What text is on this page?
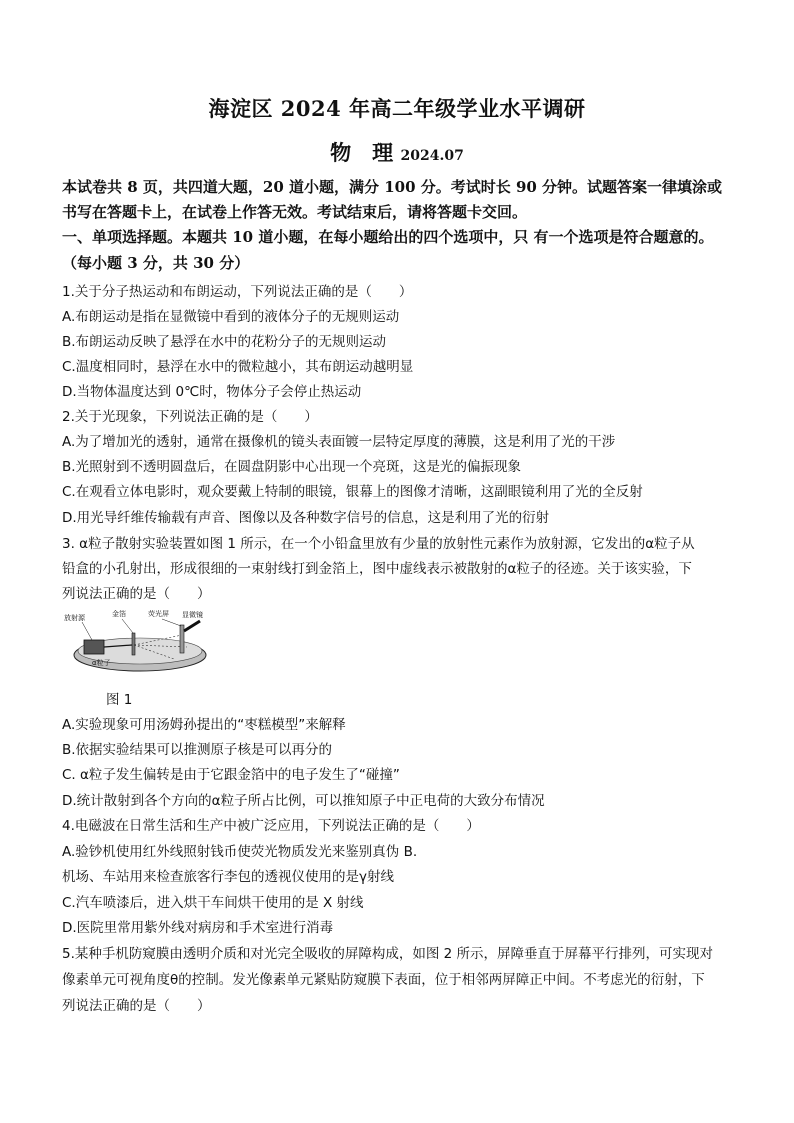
海淀区 2024 年高二年级学业水平调研
物　理 2024.07
本试卷共 8 页，共四道大题，20 道小题，满分 100 分。考试时长 90 分钟。试题答案一律填涂或
书写在答题卡上，在试卷上作答无效。考试结束后，请将答题卡交回。
一、单项选择题。本题共 10 道小题，在每小题给出的四个选项中，只 有一个选项是符合题意的。
（每小题 3 分，共 30 分）
1.关于分子热运动和布朗运动，下列说法正确的是（　　）
A.布朗运动是指在显微镜中看到的液体分子的无规则运动
B.布朗运动反映了悬浮在水中的花粉分子的无规则运动
C.温度相同时，悬浮在水中的微粒越小，其布朗运动越明显
D.当物体温度达到 0℃时，物体分子会停止热运动
2.关于光现象，下列说法正确的是（　　）
A.为了增加光的透射，通常在摄像机的镜头表面镀一层特定厚度的薄膜，这是利用了光的干涉
B.光照射到不透明圆盘后，在圆盘阴影中心出现一个亮斑，这是光的偏振现象
C.在观看立体电影时，观众要戴上特制的眼镜，银幕上的图像才清晰，这副眼镜利用了光的全反射
D.用光导纤维传输载有声音、图像以及各种数字信号的信息，这是利用了光的衍射
3. α粒子散射实验装置如图 1 所示，在一个小铅盒里放有少量的放射性元素作为放射源，它发出的α粒子从
铅盒的小孔射出，形成很细的一束射线打到金箔上，图中虚线表示被散射的α粒子的径迹。关于该实验，下
列说法正确的是（　　）
放射源	金箔	荧光屏 显微镜
α粒子
图 1
A.实验现象可用汤姆孙提出的“枣糕模型”来解释
B.依据实验结果可以推测原子核是可以再分的
C. α粒子发生偏转是由于它跟金箔中的电子发生了“碰撞”
D.统计散射到各个方向的α粒子所占比例，可以推知原子中正电荷的大致分布情况
4.电磁波在日常生活和生产中被广泛应用，下列说法正确的是（　　）
A.验钞机使用红外线照射钱币使荧光物质发光来鉴别真伪 B.
机场、车站用来检查旅客行李包的透视仪使用的是γ射线
C.汽车喷漆后，进入烘干车间烘干使用的是 X 射线
D.医院里常用紫外线对病房和手术室进行消毒
5.某种手机防窥膜由透明介质和对光完全吸收的屏障构成，如图 2 所示，屏障垂直于屏幕平行排列，可实现对
像素单元可视角度θ的控制。发光像素单元紧贴防窥膜下表面，位于相邻两屏障正中间。不考虑光的衍射，下
列说法正确的是（　　）
